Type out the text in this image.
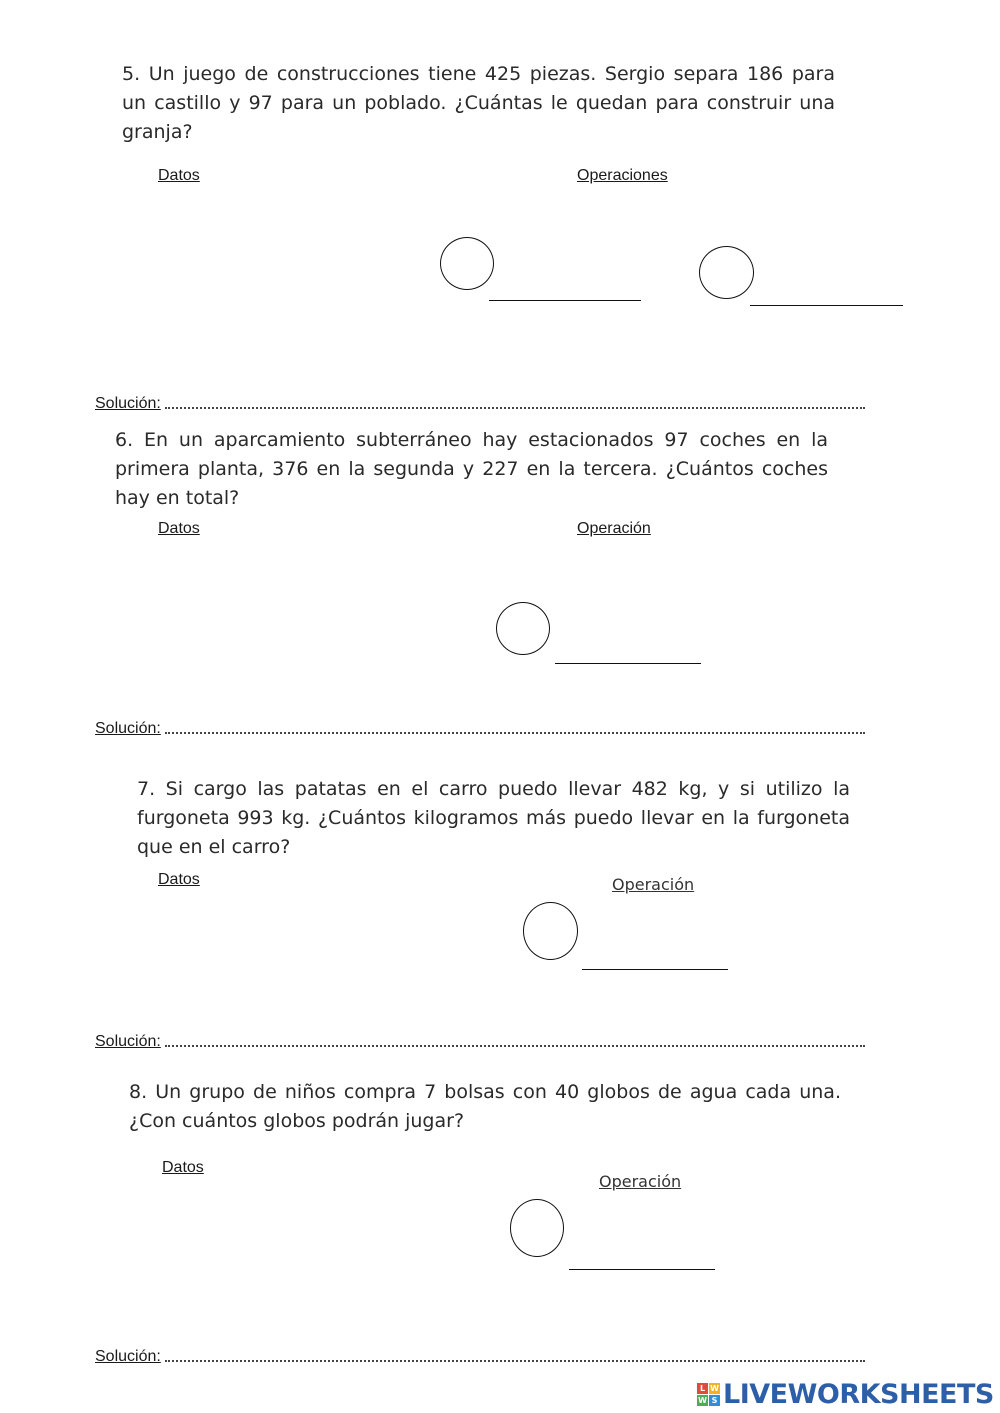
5. Un juego de construcciones tiene 425 piezas. Sergio separa 186 para un castillo y 97 para un poblado. ¿Cuántas le quedan para construir una granja?

Datos	Operaciones
Solución:

6. En un aparcamiento subterráneo hay estacionados 97 coches en la primera planta, 376 en la segunda y 227 en la tercera. ¿Cuántos coches hay en total?

Datos	Operación
Solución:

7. Si cargo las patatas en el carro puedo llevar 482 kg, y si utilizo la furgoneta 993 kg. ¿Cuántos kilogramos más puedo llevar en la furgoneta que en el carro?

Datos	Operación
Solución:

8. Un grupo de niños compra 7 bolsas con 40 globos de agua cada una. ¿Con cuántos globos podrán jugar?

Datos
Operación
Solución:
L W
W S LIVEWORKSHEETS
